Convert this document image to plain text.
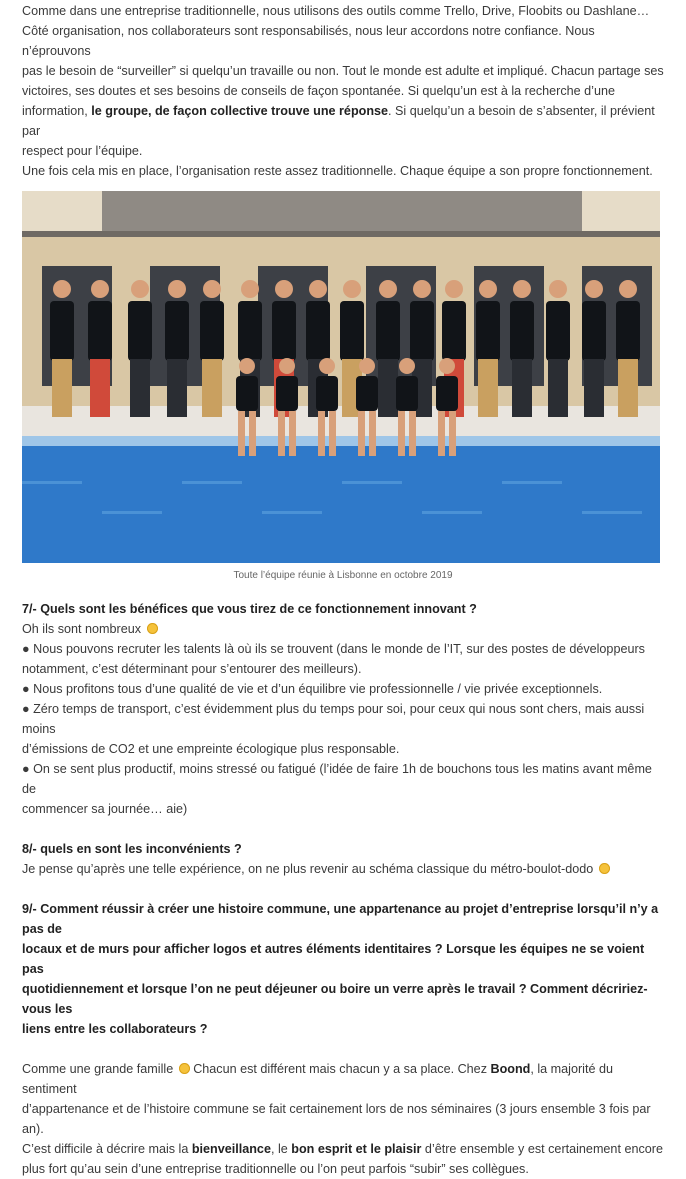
Comme dans une entreprise traditionnelle, nous utilisons des outils comme Trello, Drive, Floobits ou Dashlane…

Côté organisation, nos collaborateurs sont responsabilisés, nous leur accordons notre confiance. Nous n’éprouvons

pas le besoin de “surveiller” si quelqu’un travaille ou non. Tout le monde est adulte et impliqué. Chacun partage ses

victoires, ses doutes et ses besoins de conseils de façon spontanée. Si quelqu’un est à la recherche d’une

information, le groupe, de façon collective trouve une réponse. Si quelqu’un a besoin de s’absenter, il prévient par

respect pour l’équipe.

Une fois cela mis en place, l’organisation reste assez traditionnelle. Chaque équipe a son propre fonctionnement.

Toute l’équipe réunie à Lisbonne en octobre 2019

7/- Quels sont les bénéfices que vous tirez de ce fonctionnement innovant ?

Oh ils sont nombreux

● Nous pouvons recruter les talents là où ils se trouvent (dans le monde de l’IT, sur des postes de développeurs

notamment, c’est déterminant pour s’entourer des meilleurs).

● Nous profitons tous d’une qualité de vie et d’un équilibre vie professionnelle / vie privée exceptionnels.

● Zéro temps de transport, c’est évidemment plus du temps pour soi, pour ceux qui nous sont chers, mais aussi moins

d’émissions de CO2 et une empreinte écologique plus responsable.

● On se sent plus productif, moins stressé ou fatigué (l’idée de faire 1h de bouchons tous les matins avant même de

commencer sa journée… aie)

8/- quels en sont les inconvénients ?

Je pense qu’après une telle expérience, on ne plus revenir au schéma classique du métro-boulot-dodo

9/- Comment réussir à créer une histoire commune, une appartenance au projet d’entreprise lorsqu’il n’y a pas de

locaux et de murs pour afficher logos et autres éléments identitaires ? Lorsque les équipes ne se voient pas

quotidiennement et lorsque l’on ne peut déjeuner ou boire un verre après le travail ? Comment décririez-vous les

liens entre les collaborateurs ?

Comme une grande famille  Chacun est différent mais chacun y a sa place. Chez Boond, la majorité du sentiment

d’appartenance et de l’histoire commune se fait certainement lors de nos séminaires (3 jours ensemble 3 fois par an).

C’est difficile à décrire mais la bienveillance, le bon esprit et le plaisir d’être ensemble y est certainement encore

plus fort qu’au sein d’une entreprise traditionnelle ou l’on peut parfois “subir” ses collègues.
